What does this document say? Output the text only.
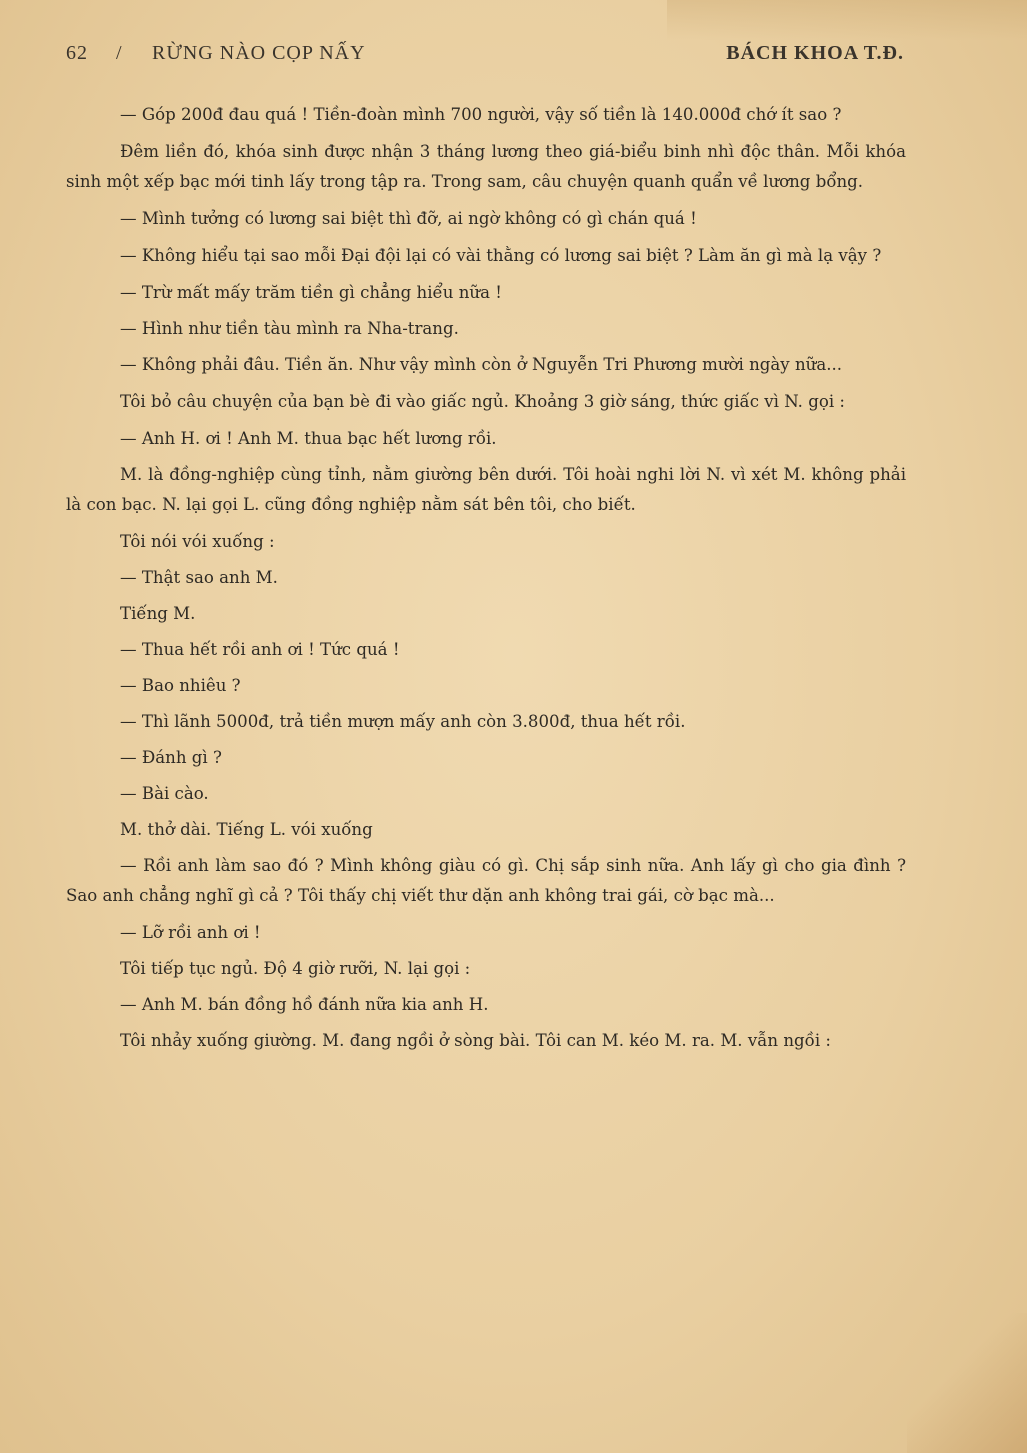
62 / RỪNG NÀO CỌP NẤY	BÁCH KHOA T.Đ.

— Góp 200đ đau quá ! Tiền-đoàn mình 700 người, vậy số tiền là 140.000đ chớ ít sao ?

Đêm liền đó, khóa sinh được nhận 3 tháng lương theo giá-biểu binh nhì độc thân. Mỗi khóa sinh một xếp bạc mới tinh lấy trong tập ra. Trong sam, câu chuyện quanh quẩn về lương bổng.

— Mình tưởng có lương sai biệt thì đỡ, ai ngờ không có gì chán quá !

— Không hiểu tại sao mỗi Đại đội lại có vài thằng có lương sai biệt ? Làm ăn gì mà lạ vậy ?

— Trừ mất mấy trăm tiền gì chẳng hiểu nữa !

— Hình như tiền tàu mình ra Nha-trang.

— Không phải đâu. Tiền ăn. Như vậy mình còn ở Nguyễn Tri Phương mười ngày nữa...

Tôi bỏ câu chuyện của bạn bè đi vào giấc ngủ. Khoảng 3 giờ sáng, thức giấc vì N. gọi :

— Anh H. ơi ! Anh M. thua bạc hết lương rồi.

M. là đồng-nghiệp cùng tỉnh, nằm giường bên dưới. Tôi hoài nghi lời N. vì xét M. không phải là con bạc. N. lại gọi L. cũng đồng nghiệp nằm sát bên tôi, cho biết.

Tôi nói vói xuống :

— Thật sao anh M.

Tiếng M.

— Thua hết rồi anh ơi ! Tức quá !

— Bao nhiêu ?

— Thì lãnh 5000đ, trả tiền mượn mấy anh còn 3.800đ, thua hết rồi.

— Đánh gì ?

— Bài cào.

M. thở dài. Tiếng L. vói xuống

— Rồi anh làm sao đó ? Mình không giàu có gì. Chị sắp sinh nữa. Anh lấy gì cho gia đình ? Sao anh chẳng nghĩ gì cả ? Tôi thấy chị viết thư dặn anh không trai gái, cờ bạc mà...

— Lỡ rồi anh ơi !

Tôi tiếp tục ngủ. Độ 4 giờ rưỡi, N. lại gọi :

— Anh M. bán đồng hồ đánh nữa kia anh H.

Tôi nhảy xuống giường. M. đang ngồi ở sòng bài. Tôi can M. kéo M. ra. M. vẫn ngồi :
